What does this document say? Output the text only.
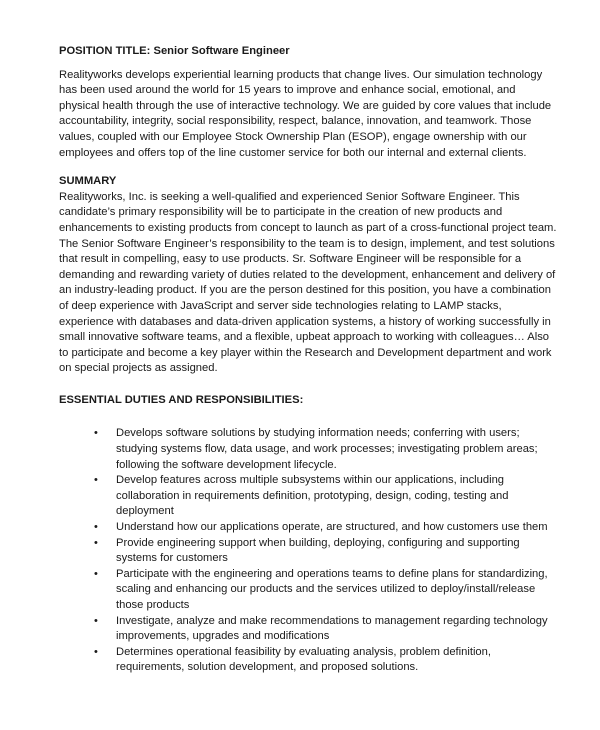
POSITION TITLE: Senior Software Engineer

Realityworks develops experiential learning products that change lives. Our simulation technology has been used around the world for 15 years to improve and enhance social, emotional, and physical health through the use of interactive technology. We are guided by core values that include accountability, integrity, social responsibility, respect, balance, innovation, and teamwork. Those values, coupled with our Employee Stock Ownership Plan (ESOP), engage ownership with our employees and offers top of the line customer service for both our internal and external clients.

SUMMARY

Realityworks, Inc. is seeking a well-qualified and experienced Senior Software Engineer. This candidate’s primary responsibility will be to participate in the creation of new products and enhancements to existing products from concept to launch as part of a cross-functional project team. The Senior Software Engineer’s responsibility to the team is to design, implement, and test solutions that result in compelling, easy to use products. Sr. Software Engineer will be responsible for a demanding and rewarding variety of duties related to the development, enhancement and delivery of an industry-leading product. If you are the person destined for this position, you have a combination of deep experience with JavaScript and server side technologies relating to LAMP stacks, experience with databases and data-driven application systems, a history of working successfully in small innovative software teams, and a flexible, upbeat approach to working with colleagues… Also to participate and become a key player within the Research and Development department and work on special projects as assigned.

ESSENTIAL DUTIES AND RESPONSIBILITIES:

• Develops software solutions by studying information needs; conferring with users; studying systems flow, data usage, and work processes; investigating problem areas; following the software development lifecycle.
• Develop features across multiple subsystems within our applications, including collaboration in requirements definition, prototyping, design, coding, testing and deployment
• Understand how our applications operate, are structured, and how customers use them
• Provide engineering support when building, deploying, configuring and supporting systems for customers
• Participate with the engineering and operations teams to define plans for standardizing, scaling and enhancing our products and the services utilized to deploy/install/release those products
• Investigate, analyze and make recommendations to management regarding technology improvements, upgrades and modifications
• Determines operational feasibility by evaluating analysis, problem definition, requirements, solution development, and proposed solutions.
